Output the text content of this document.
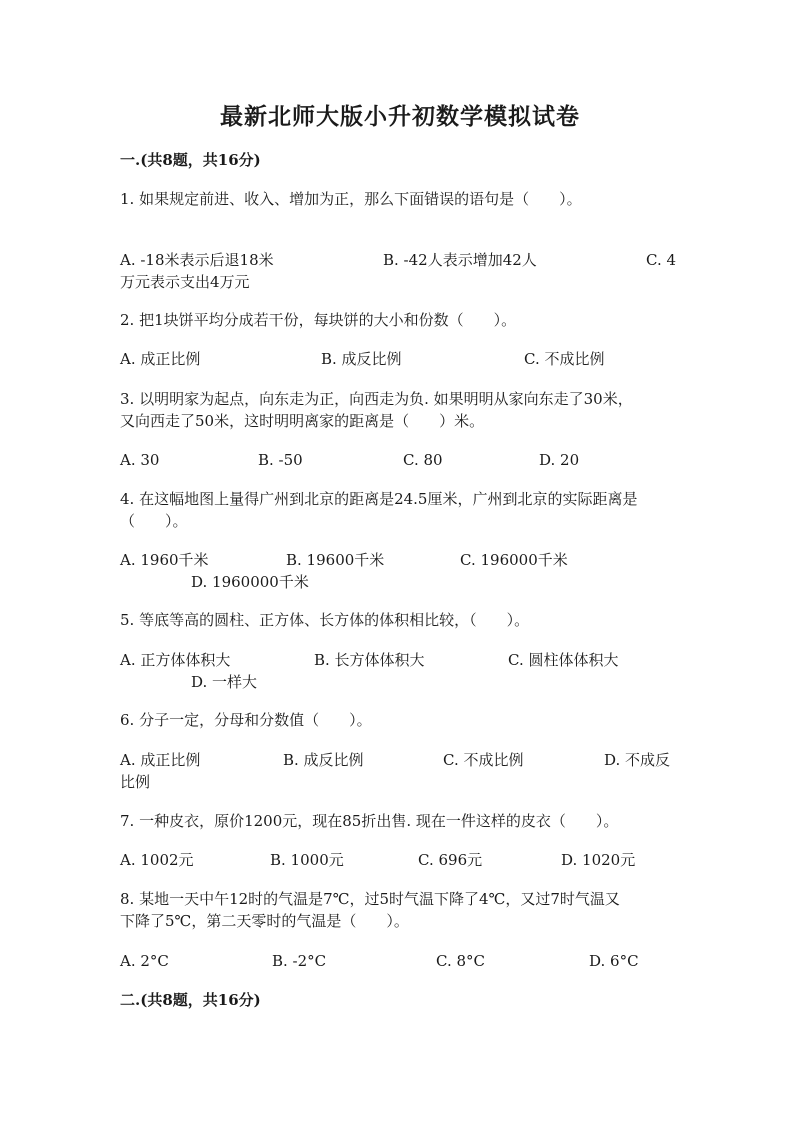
最新北师大版小升初数学模拟试卷
一.(共8题，共16分)
1. 如果规定前进、收入、增加为正，那么下面错误的语句是（　　）。
A. -18米表示后退18米	B. -42人表示增加42人	C. 4
万元表示支出4万元
2. 把1块饼平均分成若干份，每块饼的大小和份数（　　）。
A. 成正比例	B. 成反比例	C. 不成比例
3. 以明明家为起点，向东走为正，向西走为负. 如果明明从家向东走了30米，
又向西走了50米，这时明明离家的距离是（　　）米。
A. 30	B. -50	C. 80	D. 20
4. 在这幅地图上量得广州到北京的距离是24.5厘米，广州到北京的实际距离是
（　　）。
A. 1960千米	B. 19600千米	C. 196000千米
D. 1960000千米
5. 等底等高的圆柱、正方体、长方体的体积相比较，（　　）。
A. 正方体体积大	B. 长方体体积大	C. 圆柱体体积大
D. 一样大
6. 分子一定，分母和分数值（　　）。
A. 成正比例	B. 成反比例	C. 不成比例	D. 不成反
比例
7. 一种皮衣，原价1200元，现在85折出售. 现在一件这样的皮衣（　　）。
A. 1002元	B. 1000元	C. 696元	D. 1020元
8. 某地一天中午12时的气温是7℃，过5时气温下降了4℃，又过7时气温又
下降了5℃，第二天零时的气温是（　　）。
A. 2°C	B. -2°C	C. 8°C	D. 6°C
二.(共8题，共16分)
